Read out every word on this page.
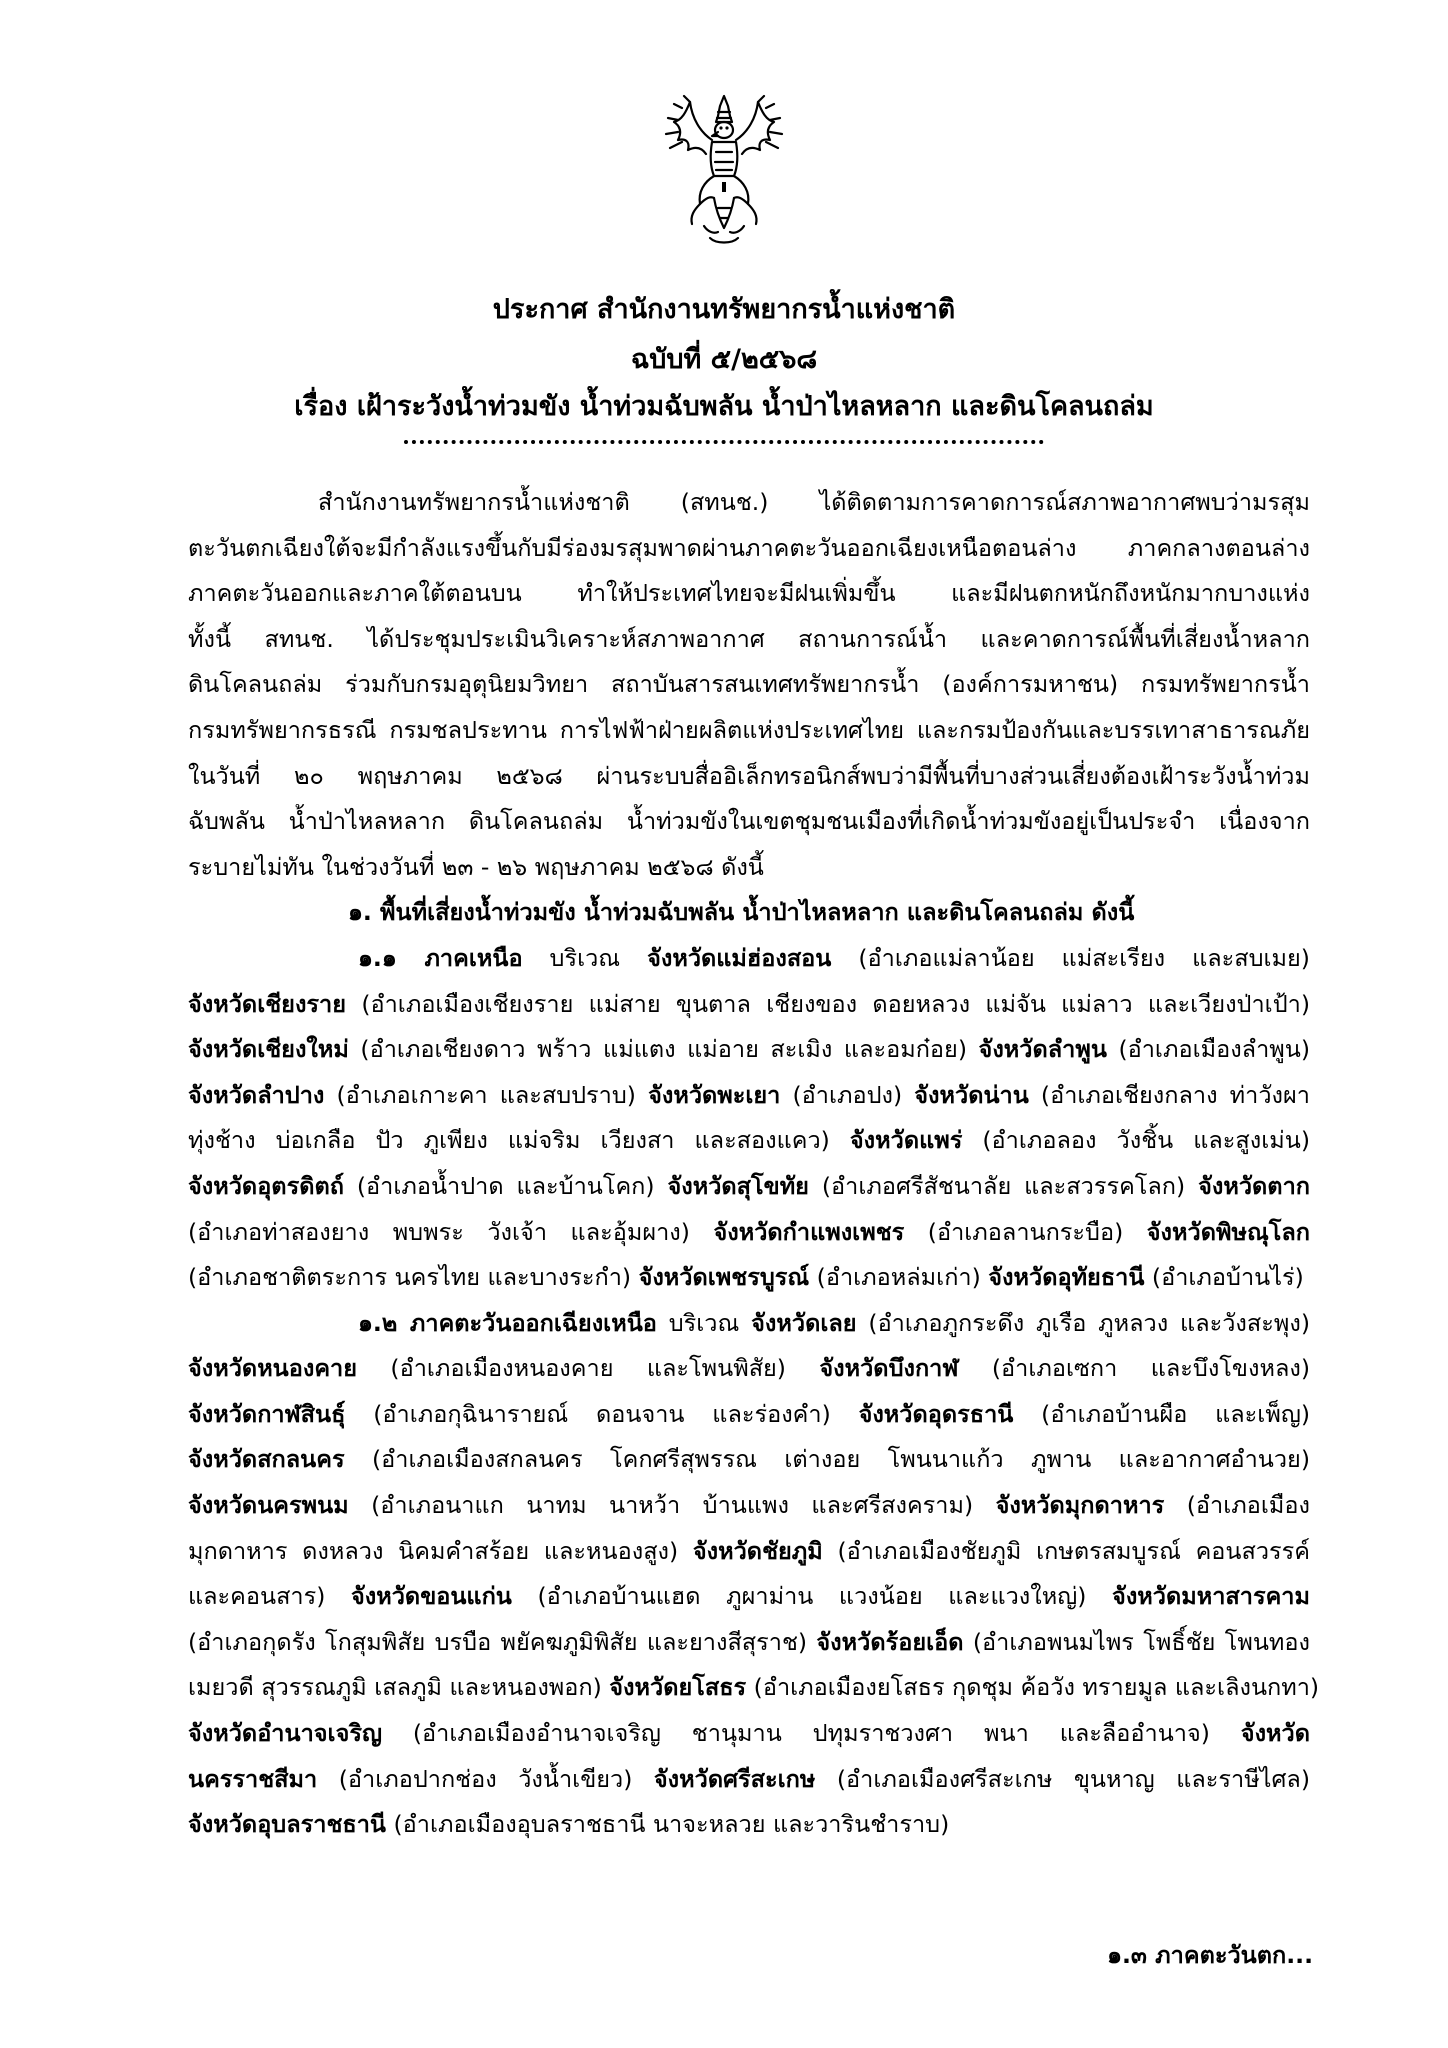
ประกาศ สำนักงานทรัพยากรน้ำแห่งชาติ
ฉบับที่ ๕/๒๕๖๘
เรื่อง เฝ้าระวังน้ำท่วมขัง น้ำท่วมฉับพลัน น้ำป่าไหลหลาก และดินโคลนถล่ม

สำนักงานทรัพยากรน้ำแห่งชาติ (สทนช.) ได้ติดตามการคาดการณ์สภาพอากาศพบว่ามรสุม
ตะวันตกเฉียงใต้จะมีกำลังแรงขึ้นกับมีร่องมรสุมพาดผ่านภาคตะวันออกเฉียงเหนือตอนล่าง ภาคกลางตอนล่าง
ภาคตะวันออกและภาคใต้ตอนบน ทำให้ประเทศไทยจะมีฝนเพิ่มขึ้น และมีฝนตกหนักถึงหนักมากบางแห่ง
ทั้งนี้ สทนช. ได้ประชุมประเมินวิเคราะห์สภาพอากาศ สถานการณ์น้ำ และคาดการณ์พื้นที่เสี่ยงน้ำหลาก
ดินโคลนถล่ม ร่วมกับกรมอุตุนิยมวิทยา สถาบันสารสนเทศทรัพยากรน้ำ (องค์การมหาชน) กรมทรัพยากรน้ำ
กรมทรัพยากรธรณี กรมชลประทาน การไฟฟ้าฝ่ายผลิตแห่งประเทศไทย และกรมป้องกันและบรรเทาสาธารณภัย
ในวันที่ ๒๐ พฤษภาคม ๒๕๖๘ ผ่านระบบสื่ออิเล็กทรอนิกส์พบว่ามีพื้นที่บางส่วนเสี่ยงต้องเฝ้าระวังน้ำท่วม
ฉับพลัน น้ำป่าไหลหลาก ดินโคลนถล่ม น้ำท่วมขังในเขตชุมชนเมืองที่เกิดน้ำท่วมขังอยู่เป็นประจำ เนื่องจาก
ระบายไม่ทัน ในช่วงวันที่ ๒๓ - ๒๖ พฤษภาคม ๒๕๖๘ ดังนี้

๑. พื้นที่เสี่ยงน้ำท่วมขัง น้ำท่วมฉับพลัน น้ำป่าไหลหลาก และดินโคลนถล่ม ดังนี้

๑.๑ ภาคเหนือ บริเวณ จังหวัดแม่ฮ่องสอน (อำเภอแม่ลาน้อย แม่สะเรียง และสบเมย)
จังหวัดเชียงราย (อำเภอเมืองเชียงราย แม่สาย ขุนตาล เชียงของ ดอยหลวง แม่จัน แม่ลาว และเวียงป่าเป้า)
จังหวัดเชียงใหม่ (อำเภอเชียงดาว พร้าว แม่แตง แม่อาย สะเมิง และอมก๋อย) จังหวัดลำพูน (อำเภอเมืองลำพูน)
จังหวัดลำปาง (อำเภอเกาะคา และสบปราบ) จังหวัดพะเยา (อำเภอปง) จังหวัดน่าน (อำเภอเชียงกลาง ท่าวังผา
ทุ่งช้าง บ่อเกลือ ปัว ภูเพียง แม่จริม เวียงสา และสองแคว) จังหวัดแพร่ (อำเภอลอง วังชิ้น และสูงเม่น)
จังหวัดอุตรดิตถ์ (อำเภอน้ำปาด และบ้านโคก) จังหวัดสุโขทัย (อำเภอศรีสัชนาลัย และสวรรคโลก) จังหวัดตาก
(อำเภอท่าสองยาง พบพระ วังเจ้า และอุ้มผาง) จังหวัดกำแพงเพชร (อำเภอลานกระบือ) จังหวัดพิษณุโลก
(อำเภอชาติตระการ นครไทย และบางระกำ) จังหวัดเพชรบูรณ์ (อำเภอหล่มเก่า) จังหวัดอุทัยธานี (อำเภอบ้านไร่)

๑.๒ ภาคตะวันออกเฉียงเหนือ บริเวณ จังหวัดเลย (อำเภอภูกระดึง ภูเรือ ภูหลวง และวังสะพุง)
จังหวัดหนองคาย (อำเภอเมืองหนองคาย และโพนพิสัย) จังหวัดบึงกาฬ (อำเภอเซกา และบึงโขงหลง)
จังหวัดกาฬสินธุ์ (อำเภอกุฉินารายณ์ ดอนจาน และร่องคำ) จังหวัดอุดรธานี (อำเภอบ้านผือ และเพ็ญ)
จังหวัดสกลนคร (อำเภอเมืองสกลนคร โคกศรีสุพรรณ เต่างอย โพนนาแก้ว ภูพาน และอากาศอำนวย)
จังหวัดนครพนม (อำเภอนาแก นาทม นาหว้า บ้านแพง และศรีสงคราม) จังหวัดมุกดาหาร (อำเภอเมือง
มุกดาหาร ดงหลวง นิคมคำสร้อย และหนองสูง) จังหวัดชัยภูมิ (อำเภอเมืองชัยภูมิ เกษตรสมบูรณ์ คอนสวรรค์
และคอนสาร) จังหวัดขอนแก่น (อำเภอบ้านแฮด ภูผาม่าน แวงน้อย และแวงใหญ่) จังหวัดมหาสารคาม
(อำเภอกุดรัง โกสุมพิสัย บรบือ พยัคฆภูมิพิสัย และยางสีสุราช) จังหวัดร้อยเอ็ด (อำเภอพนมไพร โพธิ์ชัย โพนทอง
เมยวดี สุวรรณภูมิ เสลภูมิ และหนองพอก) จังหวัดยโสธร (อำเภอเมืองยโสธร กุดชุม ค้อวัง ทรายมูล และเลิงนกทา)
จังหวัดอำนาจเจริญ (อำเภอเมืองอำนาจเจริญ ชานุมาน ปทุมราชวงศา พนา และลืออำนาจ) จังหวัด
นครราชสีมา (อำเภอปากช่อง วังน้ำเขียว) จังหวัดศรีสะเกษ (อำเภอเมืองศรีสะเกษ ขุนหาญ และราษีไศล)
จังหวัดอุบลราชธานี (อำเภอเมืองอุบลราชธานี นาจะหลวย และวารินชำราบ)

๑.๓ ภาคตะวันตก...
